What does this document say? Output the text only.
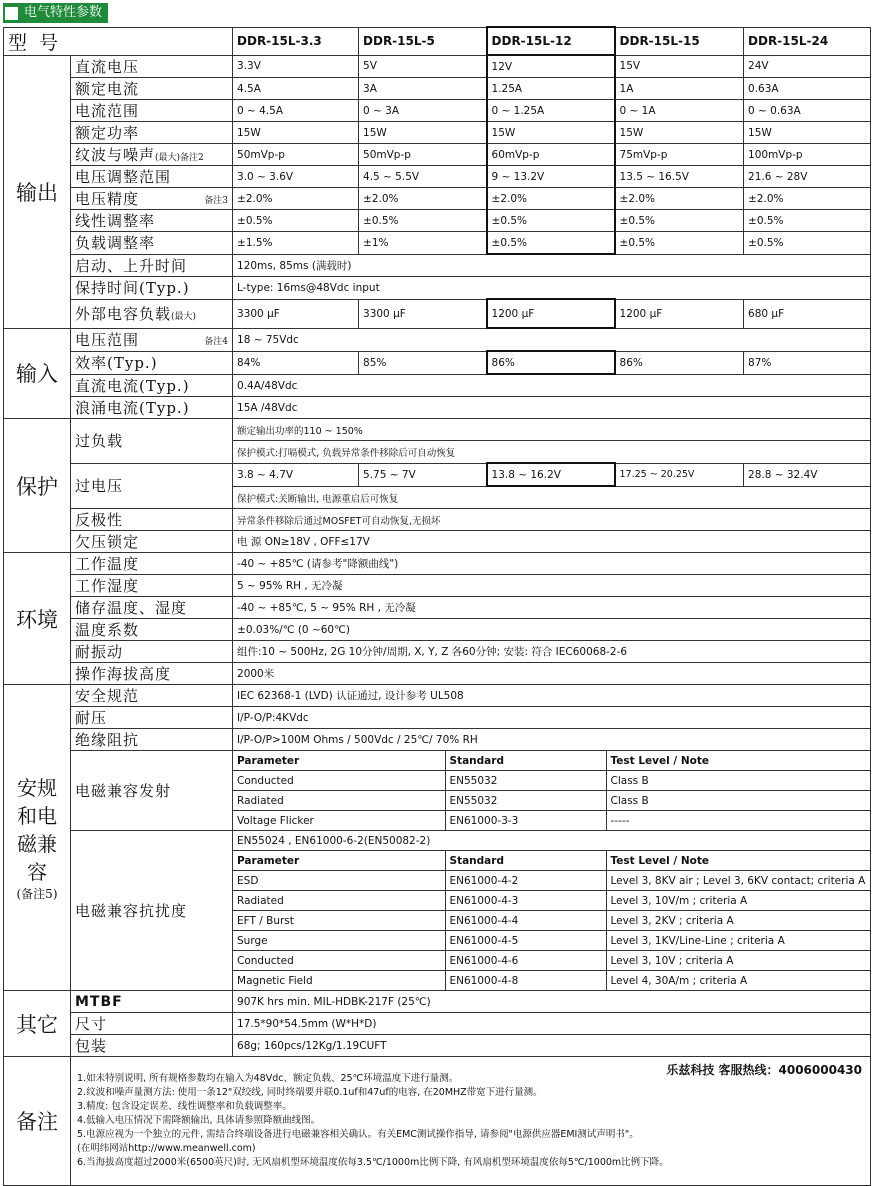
电气特性参数
型 号	DDR-15L-3.3	DDR-15L-5	DDR-15L-12	DDR-15L-15	DDR-15L-24
输出	直流电压	3.3V	5V	12V	15V	24V
额定电流	4.5A	3A	1.25A	1A	0.63A
电流范围	0 ~ 4.5A	0 ~ 3A	0 ~ 1.25A	0 ~ 1A	0 ~ 0.63A
额定功率	15W	15W	15W	15W	15W
纹波与噪声(最大)备注2	50mVp-p	50mVp-p	60mVp-p	75mVp-p	100mVp-p
电压调整范围	3.0 ~ 3.6V	4.5 ~ 5.5V	9 ~ 13.2V	13.5 ~ 16.5V	21.6 ~ 28V
电压精度	备注3	±2.0%	±2.0%	±2.0%	±2.0%	±2.0%
线性调整率	±0.5%	±0.5%	±0.5%	±0.5%	±0.5%
负载调整率	±1.5%	±1%	±0.5%	±0.5%	±0.5%
启动、上升时间	120ms, 85ms (满载时)
保持时间(Typ.)	L-type: 16ms@48Vdc input
外部电容负载(最大)	3300 μF	3300 μF	1200 μF	1200 μF	680 μF
输入	电压范围	备注4	18 ~ 75Vdc
效率(Typ.)	84%	85%	86%	86%	87%
直流电流(Typ.)	0.4A/48Vdc
浪涌电流(Typ.)	15A /48Vdc
保护	过负载	额定输出功率的110 ~ 150%
保护模式:打嗝模式, 负载异常条件移除后可自动恢复
过电压	3.8 ~ 4.7V	5.75 ~ 7V	13.8 ~ 16.2V	17.25 ~ 20.25V	28.8 ~ 32.4V
保护模式:关断输出, 电源重启后可恢复
反极性	异常条件移除后通过MOSFET可自动恢复,无损坏
欠压锁定	电 源 ON≥18V , OFF≤17V
环境	工作温度	-40 ~ +85℃ (请参考"降额曲线")
工作湿度	5 ~ 95% RH , 无冷凝
储存温度、湿度	-40 ~ +85℃, 5 ~ 95% RH , 无冷凝
温度系数	±0.03%/℃ (0 ~60℃)
耐振动	组件:10 ~ 500Hz, 2G 10分钟/周期, X, Y, Z 各60分钟; 安装: 符合 IEC60068-2-6
操作海拔高度	2000米

安规
和电
磁兼
容
(备注5)
	安全规范	IEC 62368-1 (LVD) 认证通过, 设计参考 UL508
耐压	I/P-O/P:4KVdc
绝缘阻抗	I/P-O/P>100M Ohms / 500Vdc / 25℃/ 70% RH
电磁兼容发射	
Parameter	Standard	Test Level / Note
Conducted	EN55032	Class B
Radiated	EN55032	Class B
Voltage Flicker	EN61000-3-3	-----

电磁兼容抗扰度	
EN55024 , EN61000-6-2(EN50082-2)
Parameter	Standard	Test Level / Note
ESD	EN61000-4-2	Level 3, 8KV air ; Level 3, 6KV contact; criteria A
Radiated	EN61000-4-3	Level 3, 10V/m ; criteria A
EFT / Burst	EN61000-4-4	Level 3, 2KV ; criteria A
Surge	EN61000-4-5	Level 3, 1KV/Line-Line ; criteria A
Conducted	EN61000-4-6	Level 3, 10V ; criteria A
Magnetic Field	EN61000-4-8	Level 4, 30A/m ; criteria A

其它	MTBF	907K hrs min. MIL-HDBK-217F (25℃)
尺寸	17.5*90*54.5mm (W*H*D)
包装	68g; 160pcs/12Kg/1.19CUFT
备注	
乐兹科技 客服热线：4006000430
1.如未特别说明, 所有规格参数均在输入为48Vdc、额定负载、25℃环境温度下进行量测。
2.纹波和噪声量测方法: 使用一条12"双绞线, 同时终端要并联0.1uf和47uf的电容, 在20MHZ带宽下进行量测。
3.精度: 包含设定误差、线性调整率和负载调整率。
4.低输入电压情况下需降额输出, 具体请参照降额曲线图。
5.电源应视为一个独立的元件, 需结合终端设备进行电磁兼容相关确认。有关EMC测试操作指导, 请参阅"电源供应器EMI测试声明书"。
(在明纬网站http://www.meanwell.com)
6.当海拔高度超过2000米(6500英尺)时, 无风扇机型环境温度依每3.5℃/1000m比例下降, 有风扇机型环境温度依每5℃/1000m比例下降。
